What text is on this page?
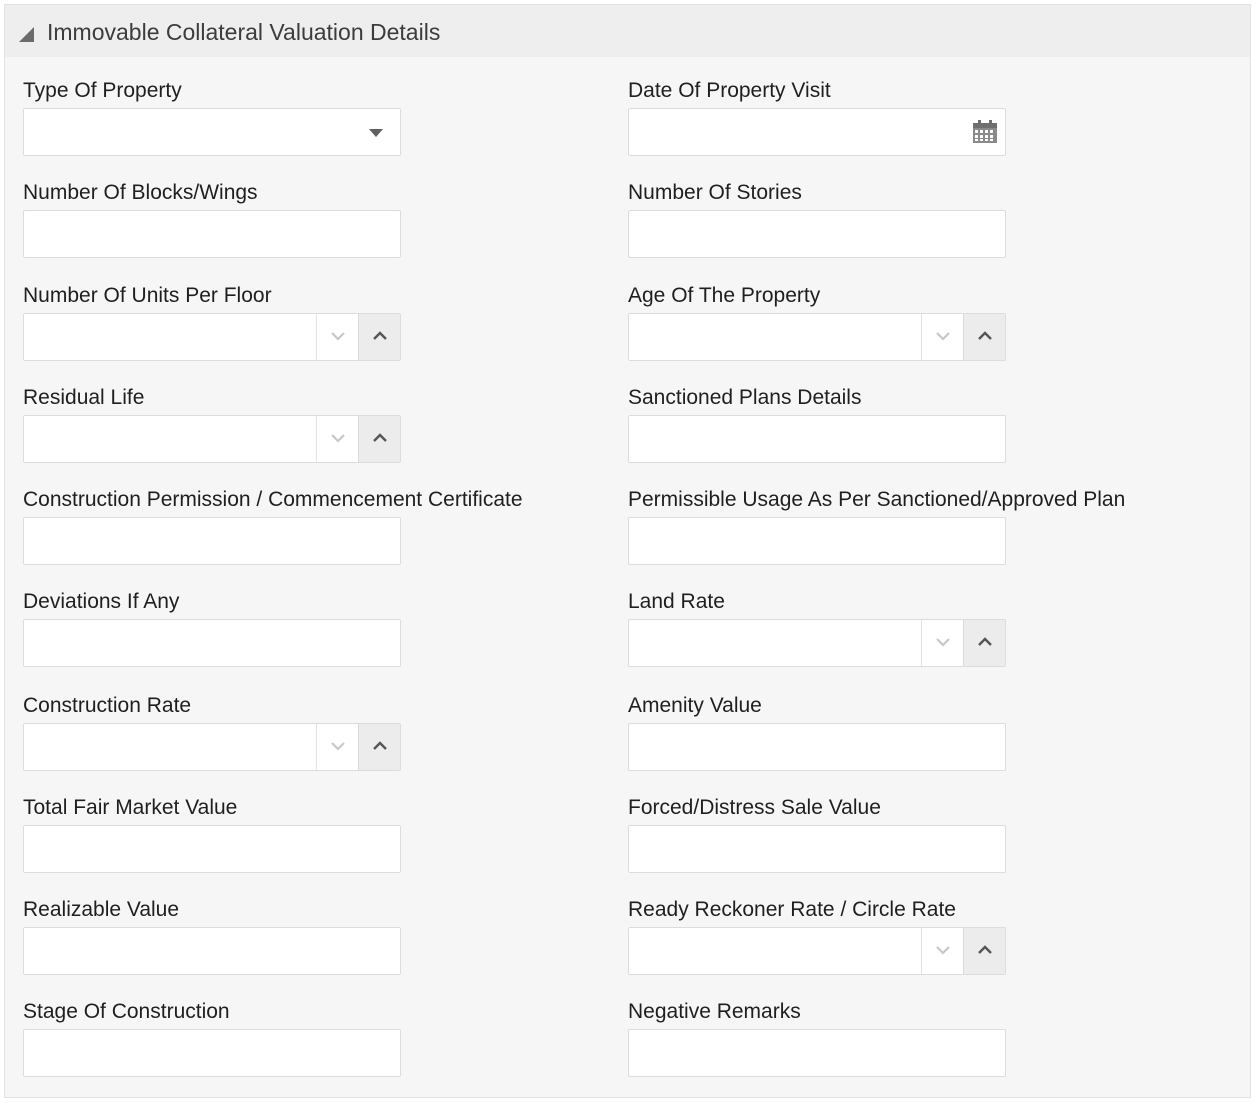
Immovable Collateral Valuation Details
Type Of Property	Date Of Property Visit
Number Of Blocks/Wings	Number Of Stories
Number Of Units Per Floor	Age Of The Property
Residual Life	Sanctioned Plans Details
Construction Permission / Commencement Certificate	Permissible Usage As Per Sanctioned/Approved Plan
Deviations If Any	Land Rate
Construction Rate	Amenity Value
Total Fair Market Value	Forced/Distress Sale Value
Realizable Value	Ready Reckoner Rate / Circle Rate
Stage Of Construction	Negative Remarks
